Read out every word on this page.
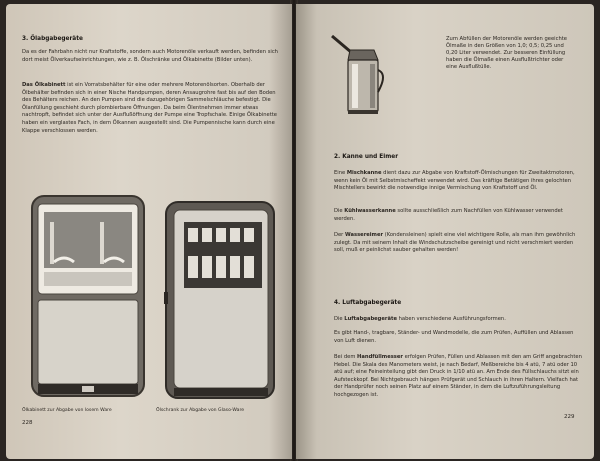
3. Ölabgabegeräte
Da es der Fahrbahn nicht nur Kraftstoffe, sondern auch Motorenöle verkauft werden, befinden sich dort meist Ölverkaufseinrichtungen, wie z. B. Ölschränke und Ölkabinette (Bilder unten).
Das Ölkabinett ist ein Vorratsbehälter für eine oder mehrere Motorenölsorten. Oberhalb der Ölbehälter befinden sich in einer Nische Handpumpen, deren Ansaugrohre fast bis auf den Boden des Behälters reichen. An den Pumpen sind die dazugehörigen Sammelschläuche befestigt. Die Ölanfüllung geschieht durch plombierbare Öffnungen. Da beim Ölentnehmen immer etwas nachtropft, befindet sich unter der Ausflußöffnung der Pumpe eine Tropfschale. Einige Ölkabinette haben ein verglastes Fach, in dem Ölkannen ausgestellt sind. Die Pumpennische kann durch eine Klappe verschlossen werden.
Ölkabinett zur Abgabe von losem Ware	Ölschrank zur Abgabe von Glaso-Ware
228
Zum Abfüllen der Motorenöle werden geeichte Ölmaße in den Größen von 1,0; 0,5; 0,25 und 0,20 Liter verwendet. Zur besseren Einfüllung haben die Ölmaße einen Ausflußtrichter oder eine Ausflußtülle.
2. Kanne und Eimer
Eine Mischkanne dient dazu zur Abgabe von Kraftstoff-Ölmischungen für Zweitaktmotoren, wenn kein Öl mit Selbstmischeffekt verwendet wird. Das kräftige Betätigen ihres gelochten Mischtellers bewirkt die notwendige innige Vermischung von Kraftstoff und Öl.
Die Kühlwasserkanne sollte ausschließlich zum Nachfüllen von Kühlwasser verwendet werden.
Der Wassereimer (Kondensleinen) spielt eine viel wichtigere Rolle, als man ihm gewöhnlich zulegt. Da mit seinem Inhalt die Windschutzscheibe gereinigt und nicht verschmiert werden soll, muß er peinlichst sauber gehalten werden!
4. Luftabgabegeräte
Die Luftabgabegeräte haben verschiedene Ausführungsformen.
Es gibt Hand-, tragbare, Ständer- und Wandmodelle, die zum Prüfen, Auffüllen und Ablassen von Luft dienen.
Bei dem Handfüllmesser erfolgen Prüfen, Füllen und Ablassen mit den am Griff angebrachten Hebel. Die Skala des Manometers weist, je nach Bedarf, Meßbereiche bis 4 atü, 7 atü oder 10 atü auf; eine Feineinteilung gibt den Druck in 1/10 atü an. Am Ende des Füllschlauchs sitzt ein Aufsteckkopf. Bei Nichtgebrauch hängen Prüfgerät und Schlauch in ihren Haltern. Vielfach hat der Handprüfer noch seinen Platz auf einem Ständer, in dem die Luftzuführungsleitung hochgezogen ist.
229
